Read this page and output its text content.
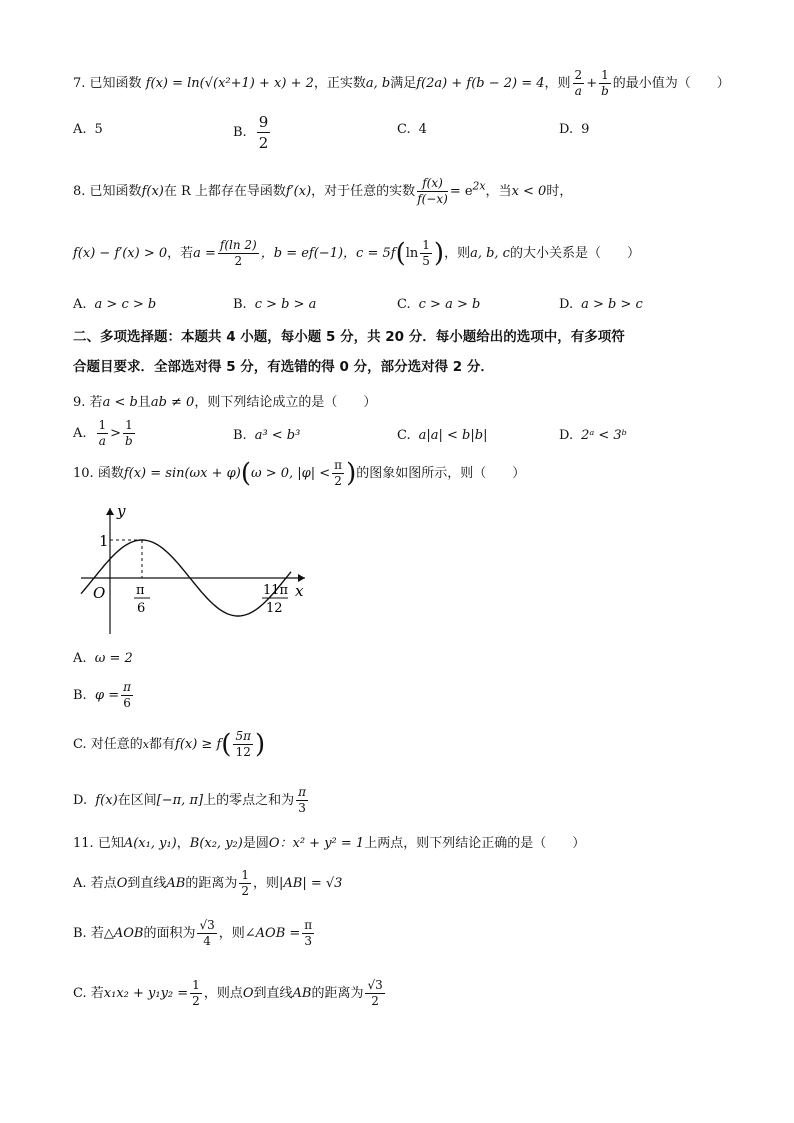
7. 已知函数 f(x) = ln(√(x²+1) + x) + 2，正实数a, b满足f(2a) + f(b − 2) = 4，则 $\frac{2}{a} + \frac{1}{b}$ 的最小值为（　　）
A. 5	B. $\frac{9}{2}$	C. 4	D. 9
8. 已知函数f(x)在 R 上都存在导函数f′(x)，对于任意的实数 $\frac{f(x)}{f(-x)} = e^{2x}$，当x < 0时，
f(x) − f′(x) > 0，若$a = \frac{f(\ln 2)}{2}$ ，b = ef(−1)，$c = 5f(\ln \frac{1}{5}$ )，则a, b, c的大小关系是（　　）
A. a > c > b	B. c > b > a	C. c > a > b	D. a > b > c
二、多项选择题：本题共 4 小题，每小题 5 分，共 20 分．每小题给出的选项中，有多项符
合题目要求．全部选对得 5 分，有选错的得 0 分，部分选对得 2 分．
9. 若a < b且ab ≠ 0，则下列结论成立的是（　　）
A. $\frac{1}{a} > \frac{1}{b}$	B. a³ < b³	C. a|a| < b|b|	D. 2ᵃ < 3ᵇ
10. 函数f(x) = sin(ωx + φ)(ω > 0, $|\varphi| < \frac{\pi}{2}$ )的图象如图所示，则（　　）
y
x
O
1
π
6
11π
12
A. ω = 2
B. $\varphi = \frac{\pi}{6}$
C. 对任意的x都有$f(x) \ge f( \frac{5\pi}{12}$ )
D. f(x)在区间[−π, π]上的零点之和为 $\frac{\pi}{3}$
11. 已知A(x₁, y₁)，B(x₂, y₂)是圆O：x² + y² = 1上两点，则下列结论正确的是（　　）
A. 若点O到直线AB的距离为 $\frac{1}{2}$ ，则|AB| = √3
B. 若△AOB的面积为 $\frac{√3}{4}$ ，则∠AOB = $\frac{\pi}{3}$
C. 若$x_1x_2 + y_1y_2 = \frac{1}{2}$ ，则点O到直线AB的距离为 $\frac{√3}{2}$
